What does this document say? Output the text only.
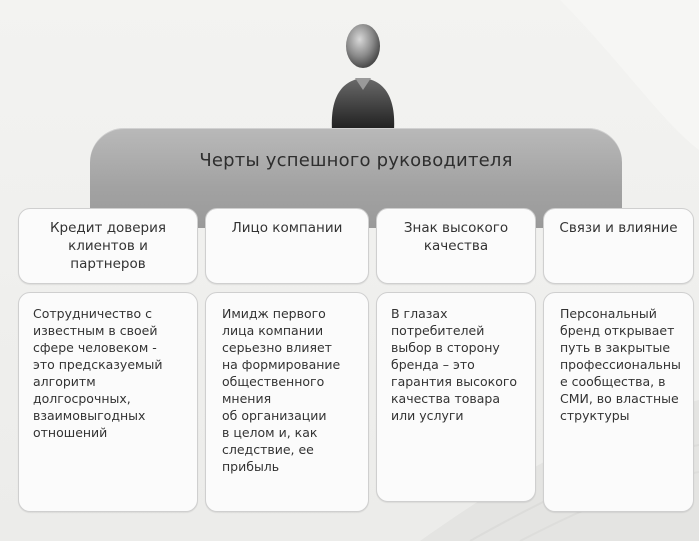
Черты успешного руководителя
Кредит доверия
клиентов и
партнеров
Лицо компании	Знак высокого
качества
Связи и влияние
Сотрудничество с
известным в своей
сфере человеком -
это предсказуемый
алгоритм
долгосрочных,
взаимовыгодных
отношений
Имидж первого
лица компании
серьезно влияет
на формирование
общественного
мнения
об организации
в целом и, как
следствие, ее
прибыль
В глазах
потребителей
выбор в сторону
бренда – это
гарантия высокого
качества товара
или услуги
Персональный
бренд открывает
путь в закрытые
профессиональны
е сообщества, в
СМИ, во властные
структуры
